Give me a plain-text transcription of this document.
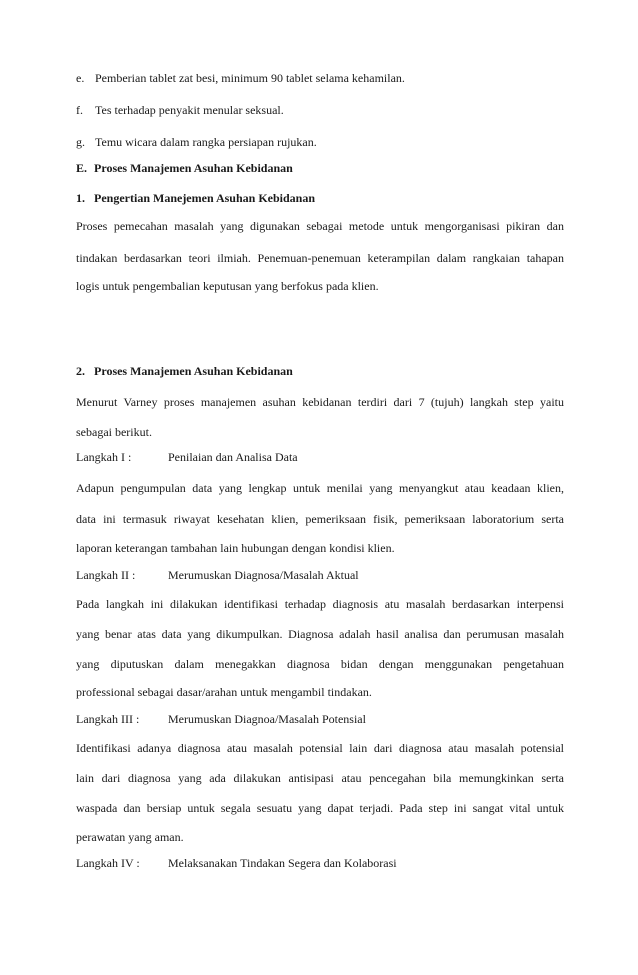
e. Pemberian tablet zat besi, minimum 90 tablet selama kehamilan.
f. Tes terhadap penyakit menular seksual.
g. Temu wicara dalam rangka persiapan rujukan.
E. Proses Manajemen Asuhan Kebidanan
1. Pengertian Manejemen Asuhan Kebidanan
Proses pemecahan masalah yang digunakan sebagai metode untuk mengorganisasi pikiran dan
tindakan berdasarkan teori ilmiah. Penemuan-penemuan keterampilan dalam rangkaian tahapan
logis untuk pengembalian keputusan yang berfokus pada klien.
2. Proses Manajemen Asuhan Kebidanan
Menurut Varney proses manajemen asuhan kebidanan terdiri dari 7 (tujuh) langkah step yaitu
sebagai berikut.
Langkah I :	Penilaian dan Analisa Data
Adapun pengumpulan data yang lengkap untuk menilai yang menyangkut atau keadaan klien,
data ini termasuk riwayat kesehatan klien, pemeriksaan fisik, pemeriksaan laboratorium serta
laporan keterangan tambahan lain hubungan dengan kondisi klien.
Langkah II :	Merumuskan Diagnosa/Masalah Aktual
Pada langkah ini dilakukan identifikasi terhadap diagnosis atu masalah berdasarkan interpensi
yang benar atas data yang dikumpulkan. Diagnosa adalah hasil analisa dan perumusan masalah
yang diputuskan dalam menegakkan diagnosa bidan dengan menggunakan pengetahuan
professional sebagai dasar/arahan untuk mengambil tindakan.
Langkah III : Merumuskan Diagnoa/Masalah Potensial
Identifikasi adanya diagnosa atau masalah potensial lain dari diagnosa atau masalah potensial
lain dari diagnosa yang ada dilakukan antisipasi atau pencegahan bila memungkinkan serta
waspada dan bersiap untuk segala sesuatu yang dapat terjadi. Pada step ini sangat vital untuk
perawatan yang aman.
Langkah IV : Melaksanakan Tindakan Segera dan Kolaborasi
